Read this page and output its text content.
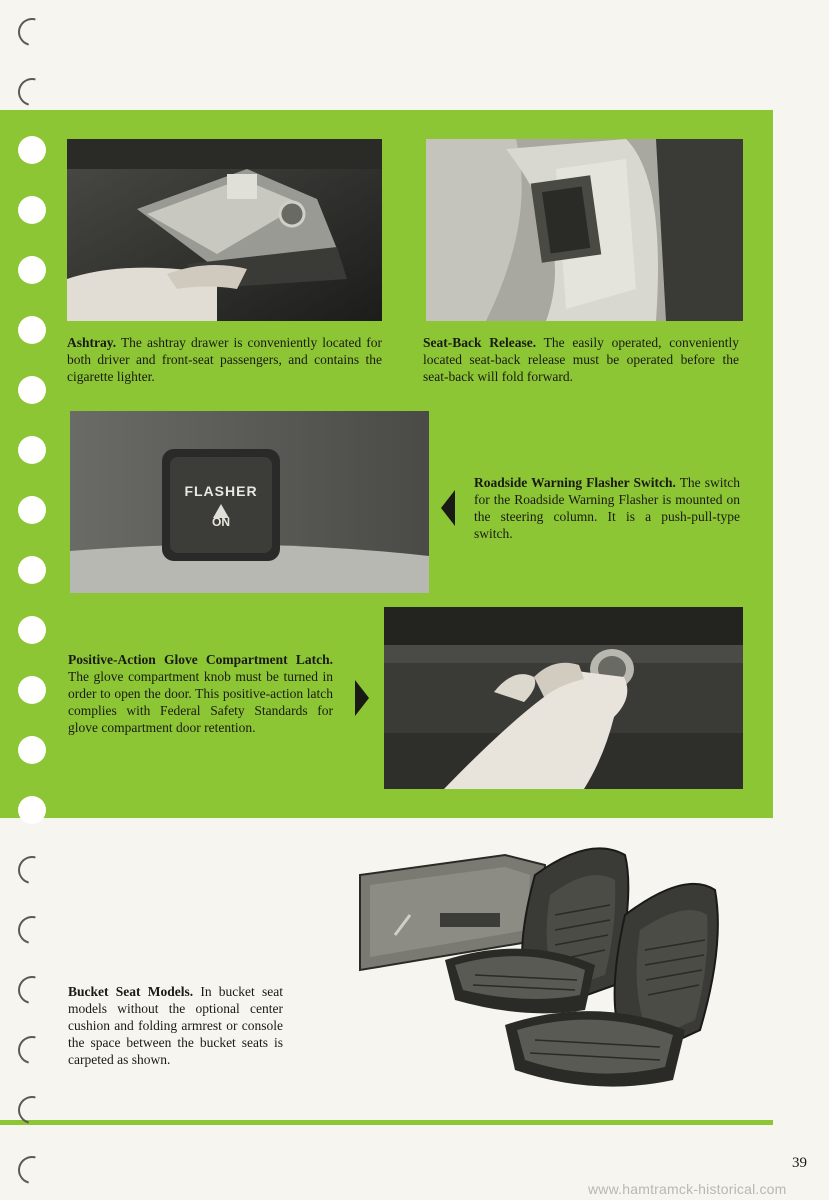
Ashtray. The ashtray drawer is conveniently located for both driver and front-seat passengers, and contains the cigarette lighter.

Seat-Back Release. The easily operated, conveniently located seat-back release must be operated before the seat-back will fold forward.

FLASHER
ON

Roadside Warning Flasher Switch. The switch for the Roadside Warning Flasher is mounted on the steering column. It is a push-pull-type switch.

Positive-Action Glove Compartment Latch. The glove compartment knob must be turned in order to open the door. This positive-action latch complies with Federal Safety Standards for glove compartment door retention.

Bucket Seat Models. In bucket seat models without the optional center cushion and folding armrest or console the space between the bucket seats is carpeted as shown.

39
www.hamtramck-historical.com
